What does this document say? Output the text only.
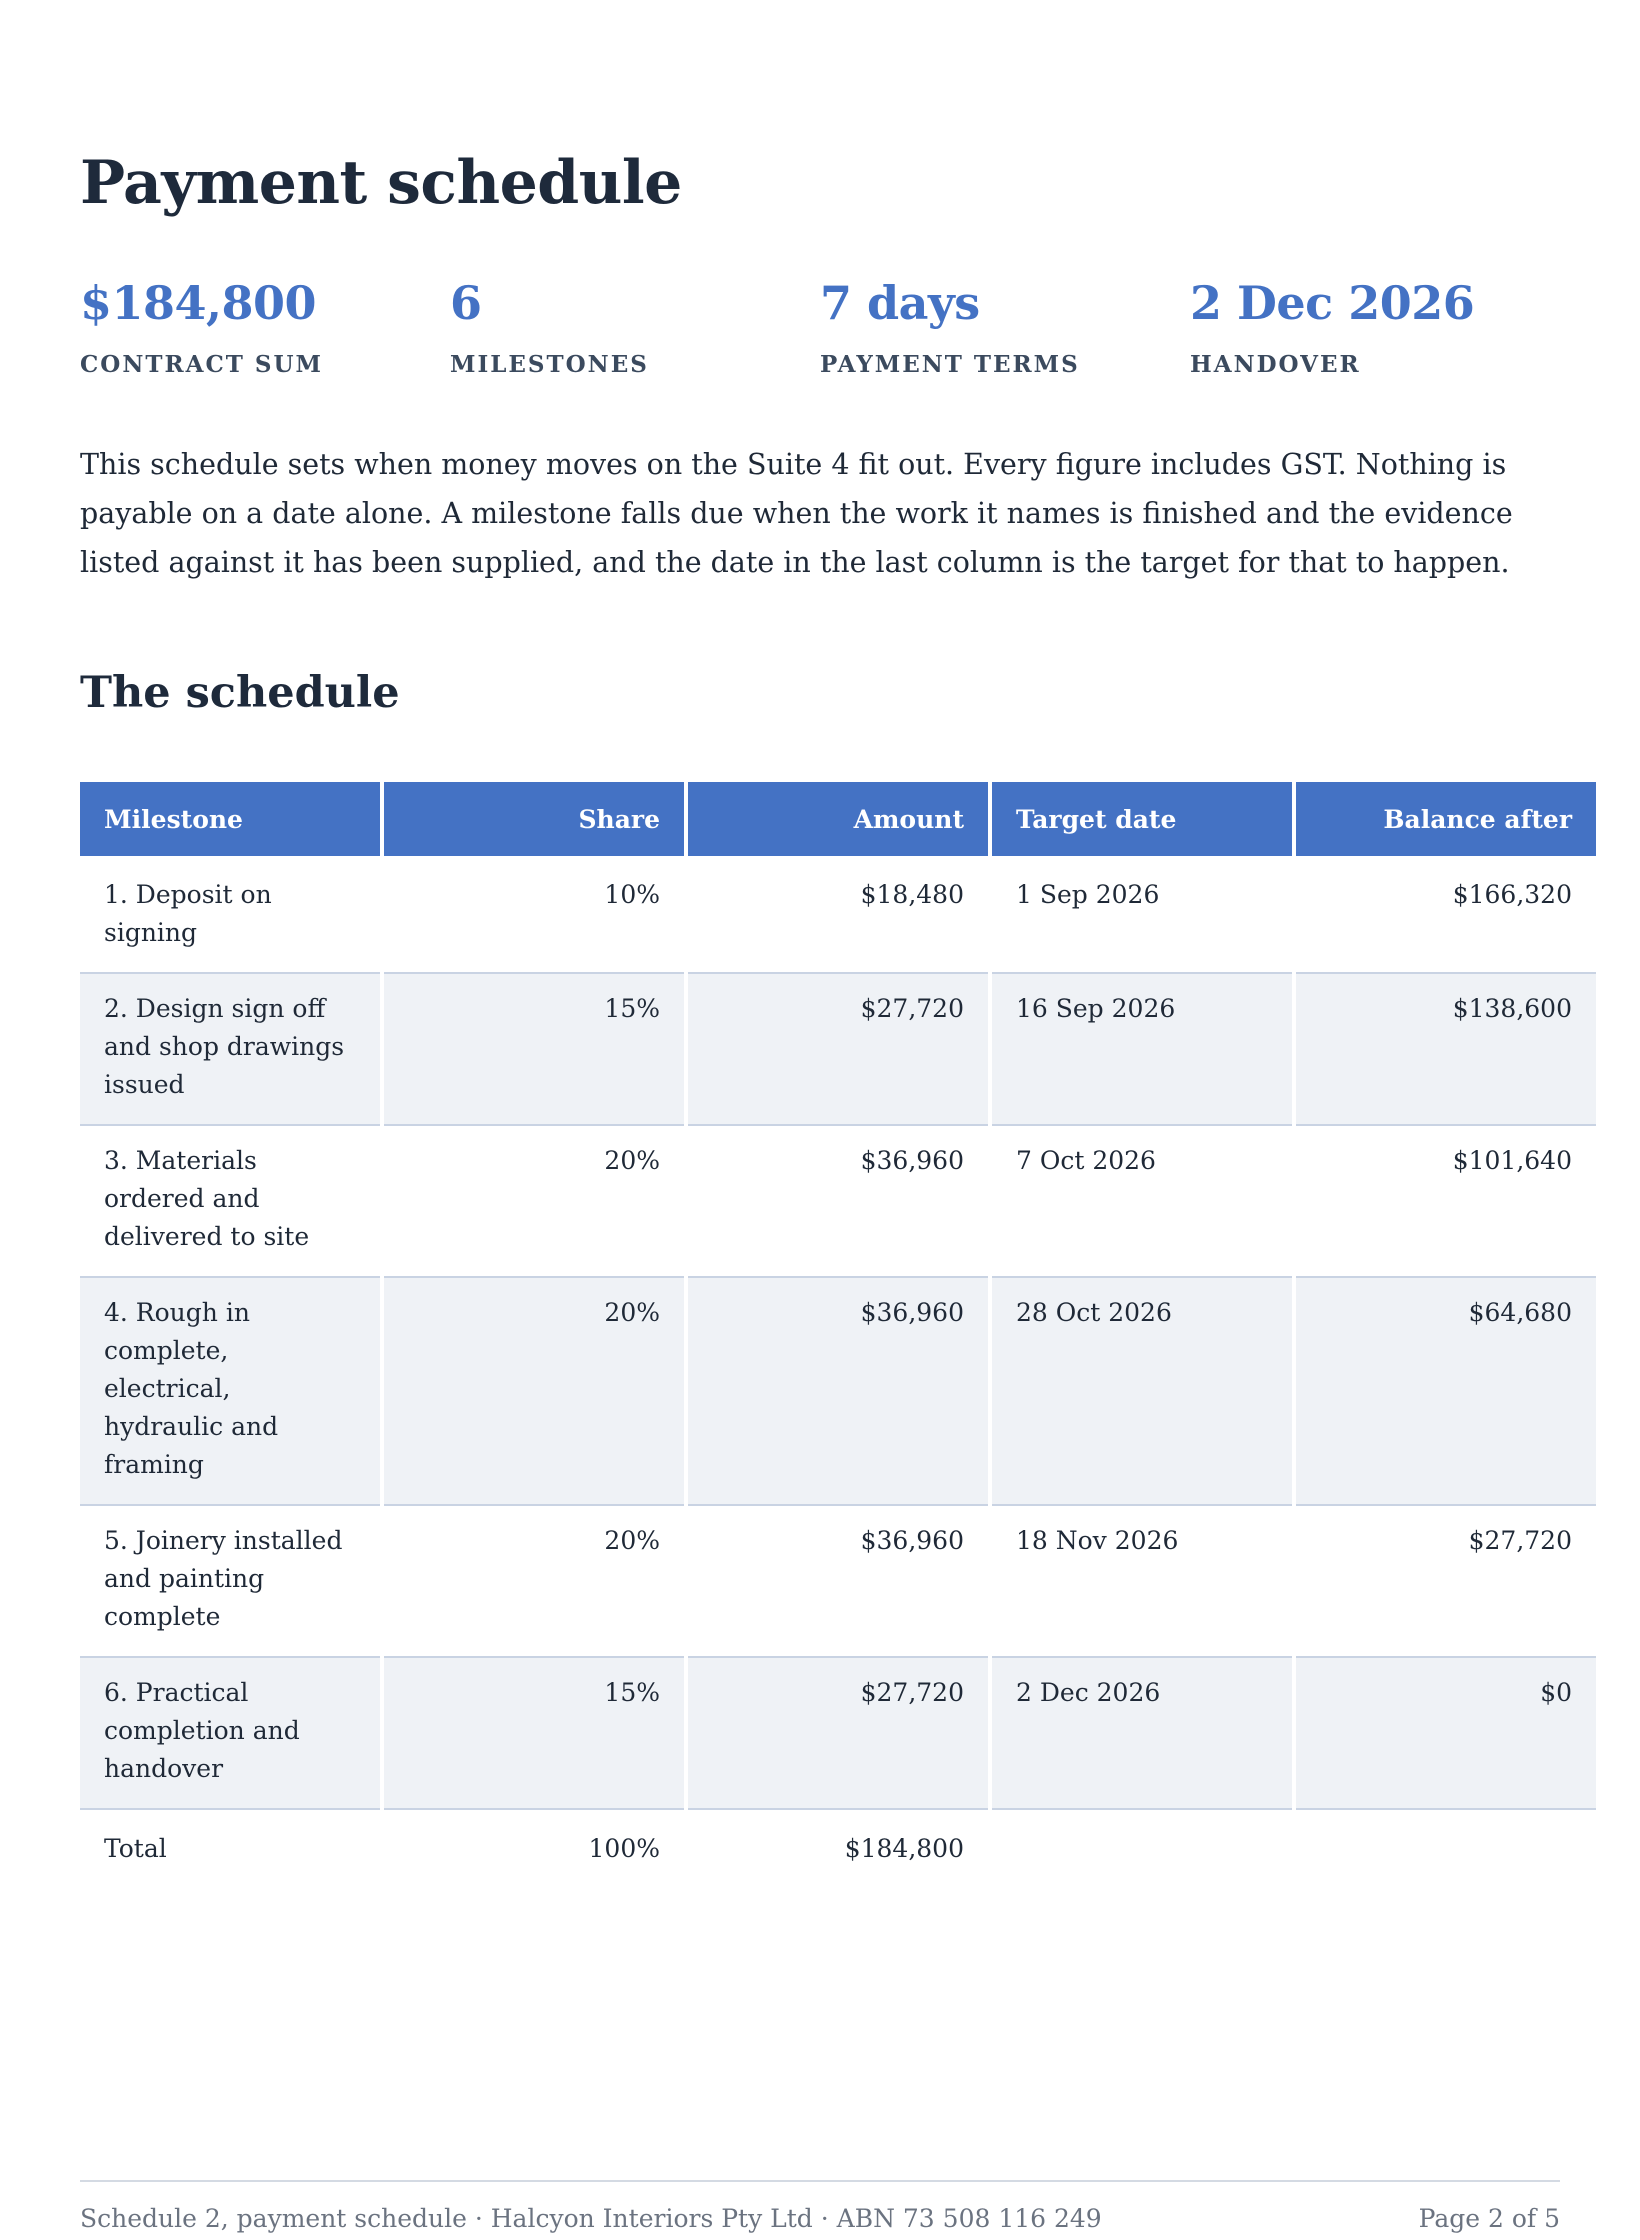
Payment schedule
$184,800
CONTRACT SUM
6
MILESTONES
7 days
PAYMENT TERMS
2 Dec 2026
HANDOVER

This schedule sets when money moves on the Suite 4 fit out. Every figure includes GST. Nothing is payable on a date alone. A milestone falls due when the work it names is finished and the evidence listed against it has been supplied, and the date in the last column is the target for that to happen.

The schedule
Milestone	Share	Amount	Target date	Balance after
1. Deposit on signing	10%	$18,480	1 Sep 2026	$166,320
2. Design sign off and shop drawings issued	15%	$27,720	16 Sep 2026	$138,600
3. Materials ordered and delivered to site	20%	$36,960	7 Oct 2026	$101,640
4. Rough in complete, electrical, hydraulic and framing	20%	$36,960	28 Oct 2026	$64,680
5. Joinery installed and painting complete	20%	$36,960	18 Nov 2026	$27,720
6. Practical completion and handover	15%	$27,720	2 Dec 2026	$0
Total	100%	$184,800		
Schedule 2, payment schedule · Halcyon Interiors Pty Ltd · ABN 73 508 116 249	Page 2 of 5
